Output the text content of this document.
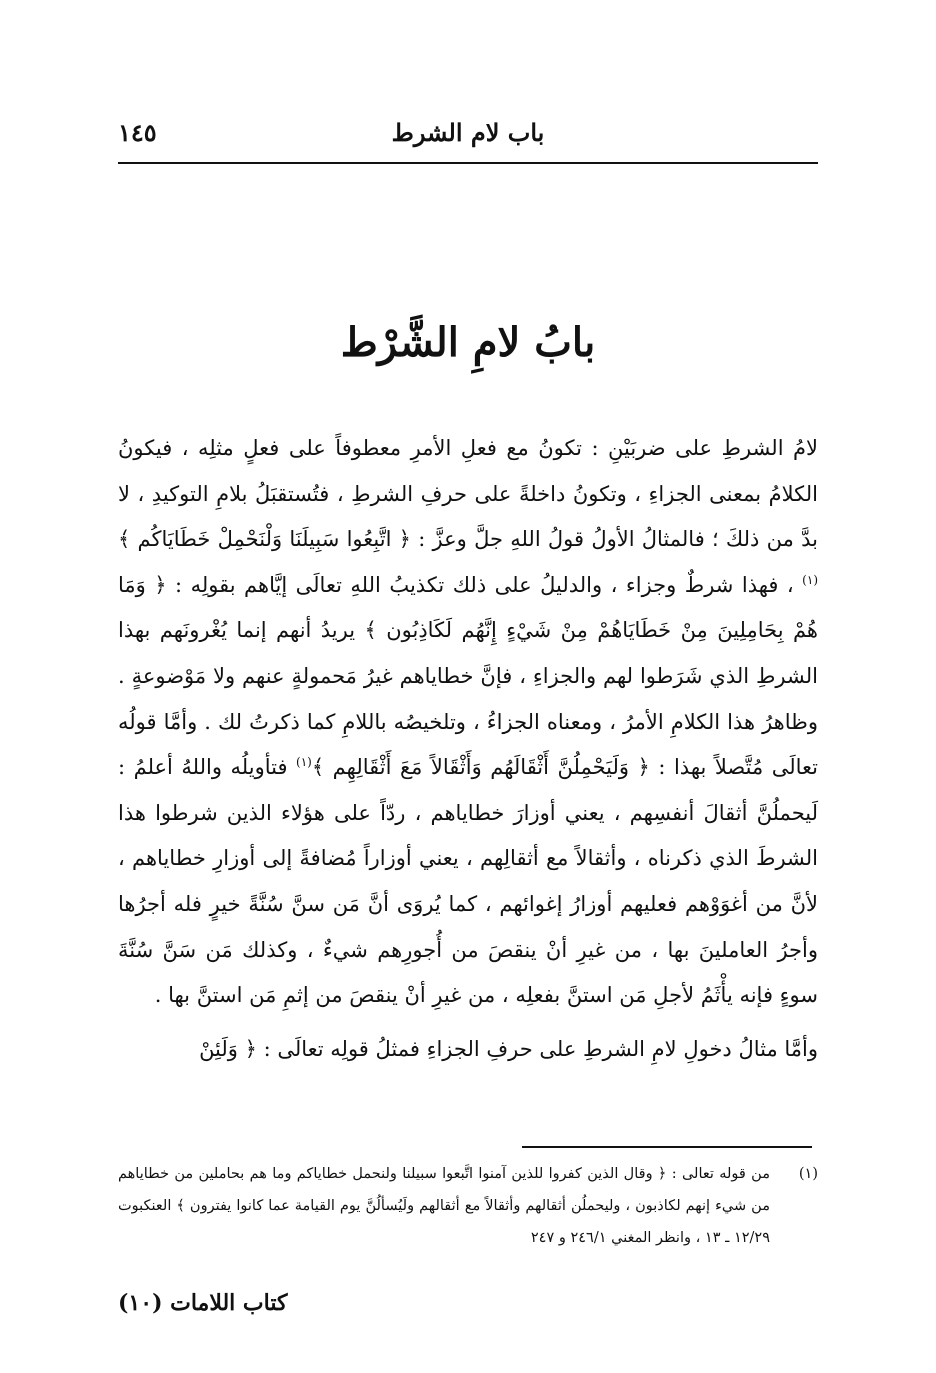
باب لام الشرط
١٤٥
بابُ لامِ الشَّرْط

لامُ الشرطِ على ضربَيْنِ : تكونُ مع فعلِ الأمرِ معطوفاً على فعلٍ مثلِه ، فيكونُ الكلامُ بمعنى الجزاءِ ، وتكونُ داخلةً على حرفِ الشرطِ ، فتُستقبَلُ بلامِ التوكيدِ ، لا بدَّ من ذلكَ ؛ فالمثالُ الأولُ قولُ اللهِ جلَّ وعزَّ : ﴿ اتَّبِعُوا سَبِيلَنَا وَلْنَحْمِلْ خَطَايَاكُم ﴾$^{(١)}$ ، فهذا شرطٌ وجزاء ، والدليلُ على ذلك تكذيبُ اللهِ تعالَى إيَّاهم بقولِه : ﴿ وَمَا هُمْ بِحَامِلِينَ مِنْ خَطَايَاهُمْ مِنْ شَيْءٍ إِنَّهُم لَكَاذِبُون ﴾ يريدُ أنهم إنما يُغْرونَهم بهذا الشرطِ الذي شَرَطوا لهم والجزاءِ ، فإنَّ خطاياهم غيرُ مَحمولةٍ عنهم ولا مَوْضوعةٍ . وظاهرُ هذا الكلامِ الأمرُ ، ومعناه الجزاءُ ، وتلخيصُه باللامِ كما ذكرتُ لك . وأمَّا قولُه تعالَى مُتَّصلاً بهذا : ﴿ وَلَيَحْمِلُنَّ أَثْقَالَهُم وَأَثْقَالاً مَعَ أَثْقَالِهِم ﴾$^{(١)}$ فتأويلُه واللهُ أعلمُ : لَيحملُنَّ أثقالَ أنفسِهم ، يعني أوزارَ خطاياهم ، ردّاً على هؤلاء الذين شرطوا هذا الشرطَ الذي ذكرناه ، وأثقالاً مع أثقالِهم ، يعني أوزاراً مُضافةً إلى أوزارِ خطاياهم ، لأنَّ من أغوَوْهم فعليهم أوزارُ إغوائهم ، كما يُروَى أنَّ مَن سنَّ سُنَّةً خيرٍ فله أجرُها وأجرُ العاملينَ بها ، من غيرِ أنْ ينقصَ من أُجورِهم شيءٌ ، وكذلك مَن سَنَّ سُنَّةَ سوءٍ فإنه يأْثَمُ لأجلِ مَن استنَّ بفعلِه ، من غيرِ أنْ ينقصَ من إثمِ مَن استنَّ بها .

وأمَّا مثالُ دخولِ لامِ الشرطِ على حرفِ الجزاءِ فمثلُ قولِه تعالَى : ﴿ وَلَئِنْ

(١)
من قوله تعالى : ﴿ وقال الذين كفروا للذين آمنوا اتَّبعوا سبيلنا ولنحمل خطاياكم وما هم بحاملين من خطاياهم من شيء إنهم لكاذبون ، وليحملُن أثقالهم وأثقالاً مع أثقالهم ولَيُسألُنَّ يوم القيامة عما كانوا يفترون ﴾ العنكبوت ١٢/٢٩ ـ ١٣ ، وانظر المغني ٢٤٦/١ و ٢٤٧
كتاب اللامات (١٠)
